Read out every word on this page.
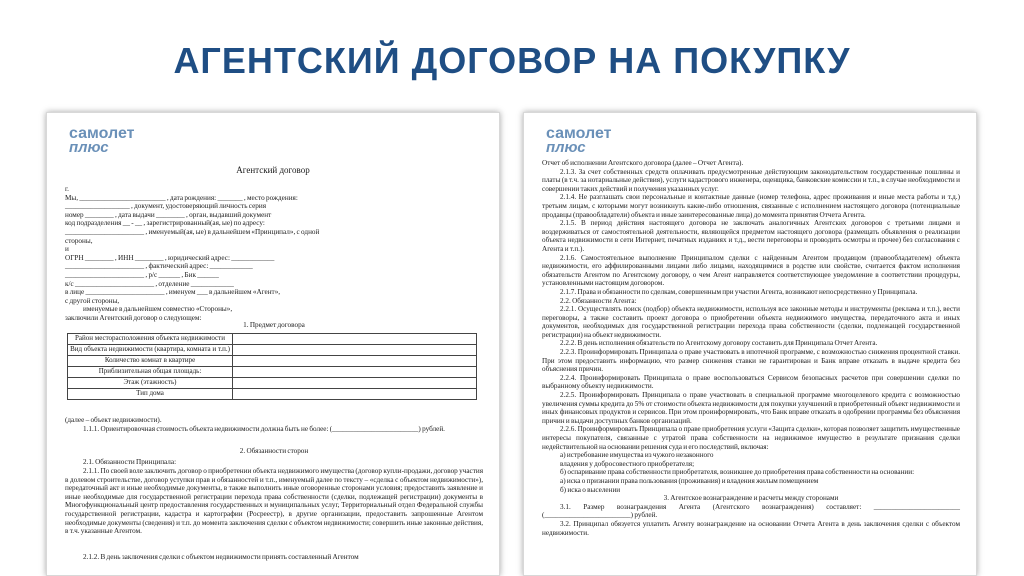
АГЕНТСКИЙ ДОГОВОР НА ПОКУПКУ
самолет
плюс
Агентский договор

г.

Мы, ________________________ , дата рождения: _______ , место рождения:

__________________ , документ, удостоверяющий личность серия

номер ________ , дата выдачи ________ , орган, выдавший документ

код подразделения __ - __ , зарегистрированный(ая, ые) по адресу:

______________________ , именуемый(ая, ые) в дальнейшем «Принципал», с одной

стороны,

и

ОГРН ________ , ИНН ________ , юридический адрес: ____________

______________________ , фактический адрес: ____________

______________________ , р/с ______ , Бик ______

к/с ______________________ , отделение ____________

в лице ______________________ , именуем ___ в дальнейшем «Агент»,

с другой стороны,

именуемые в дальнейшем совместно «Стороны»,

заключили Агентский договор о следующем:

1. Предмет договора
Район месторасположения объекта недвижимости	
Вид объекта недвижимости (квартира, комната и т.п.)	
Количество комнат в квартире	
Приблизительная общая площадь:	
Этаж (этажность)	
Тип дома	
(далее – объект недвижимости).
1.1.1. Ориентировочная стоимость объекта недвижимости должна быть не более: (________________________) рублей.
2. Обязанности сторон
2.1. Обязанности Принципала:
2.1.1. По своей воле заключить договор о приобретении объекта недвижимого имущества (договор купли-продажи, договор участия в долевом строительстве, договор уступки прав и обязанностей и т.п., именуемый далее по тексту – «сделка с объектом недвижимости»), передаточный акт и иные необходимые документы, в также выполнить иные оговоренные сторонами условия; предоставить заявление и иные необходимые для государственной регистрации перехода права собственности (сделки, подлежащей регистрации) документы в Многофункциональный центр предоставления государственных и муниципальных услуг, Территориальный отдел Федеральной службы государственной регистрации, кадастра и картографии (Росреестр), в другие организации, предоставить запрошенные Агентом необходимые документы (сведения) и т.п. до момента заключения сделки с объектом недвижимости; совершить иные законные действия, в т.ч. указанные Агентом.
2.1.2. В день заключения сделки с объектом недвижимости принять составленный Агентом
самолет
плюс

Отчет об исполнении Агентского договора (далее – Отчет Агента).

2.1.3. За счет собственных средств оплачивать предусмотренные действующим законодательством государственные пошлины и платы (в т.ч. за нотариальные действия), услуги кадастрового инженера, оценщика, банковские комиссии и т.п., в случае необходимости и совершении таких действий и получения указанных услуг.

2.1.4. Не разглашать свои персональные и контактные данные (номер телефона, адрес проживания и иные места работы и т.д.) третьим лицам, с которыми могут возникнуть какие-либо отношения, связанные с исполнением настоящего договора (потенциальные продавцы (правообладатели) объекта и иные заинтересованные лица) до момента принятия Отчета Агента.

2.1.5. В период действия настоящего договора не заключать аналогичных Агентских договоров с третьими лицами и воздерживаться от самостоятельной деятельности, являющейся предметом настоящего договора (размещать объявления о реализации объекта недвижимости в сети Интернет, печатных изданиях и т.д., вести переговоры и проводить осмотры и прочее) без согласования с Агента и т.п.).

2.1.6. Самостоятельное выполнение Принципалом сделки с найденным Агентом продавцом (правообладателем) объекта недвижимости, его аффилированными лицами либо лицами, находящимися в родстве или свойстве, считается фактом исполнения обязательств Агентом по Агентскому договору, о чем Агент направляется соответствующее уведомление в соответствии процедуры, установленными настоящим договором.

2.1.7. Права и обязанности по сделкам, совершенным при участии Агента, возникают непосредственно у Принципала.

2.2. Обязанности Агента:

2.2.1. Осуществлять поиск (подбор) объекта недвижимости, используя все законные методы и инструменты (реклама и т.п.), вести переговоры, а также составить проект договора о приобретении объекта недвижимого имущества, передаточного акта и иных документов, необходимых для государственной регистрации перехода права собственности (сделки, подлежащей государственной регистрации) на объект недвижимости.

2.2.2. В день исполнения обязательств по Агентскому договору составить для Принципала Отчет Агента.

2.2.3. Проинформировать Принципала о праве участвовать в ипотечной программе, с возможностью снижения процентной ставки. При этом предоставить информацию, что размер снижения ставки не гарантирован и Банк вправе отказать в выдаче кредита без объяснения причин.

2.2.4. Проинформировать Принципала о праве воспользоваться Сервисом безопасных расчетов при совершении сделки по выбранному объекту недвижимости.

2.2.5. Проинформировать Принципала о праве участвовать в специальной программе многоцелевого кредита с возможностью увеличения суммы кредита до 5% от стоимости объекта недвижимости для покупки улучшений в приобретенный объект недвижимости и иных финансовых продуктов и сервисов. При этом проинформировать, что Банк вправе отказать в одобрении программы без объяснения причин и выдачи доступных банков организаций.

2.2.6. Проинформировать Принципала о праве приобретения услуги «Защита сделки», которая позволяет защитить имущественные интересы покупателя, связанные с утратой права собственности на недвижимое имущество в результате признания сделки недействительной на основании решения суда и его последствий, включая:

а) истребование имущества из чужого незаконного

владения у добросовестного приобретателя;

б) оспаривание права собственности приобретателя, возникшее до приобретения права собственности на основании:

а) иска о признании права пользования (проживания) и владения жилым помещением

б) иска о выселении

3. Агентское вознаграждение и расчеты между сторонами

3.1. Размер вознаграждения Агента (Агентского вознаграждения) составляет: ________________________ (________________________) рублей.

3.2. Принципал обязуется уплатить Агенту вознаграждение на основании Отчета Агента в день заключения сделки с объектом недвижимости.
